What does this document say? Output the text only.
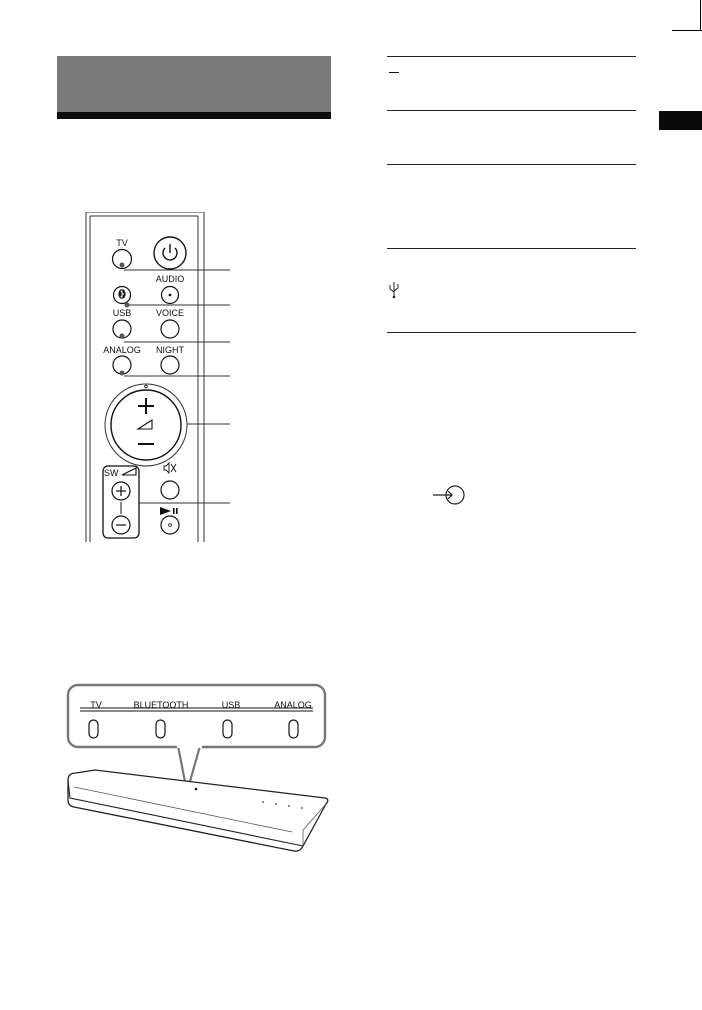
TV
AUDIO
USB	VOICE
ANALOG	NIGHT
SW
TV	BLUETOOTH	USB	ANALOG
